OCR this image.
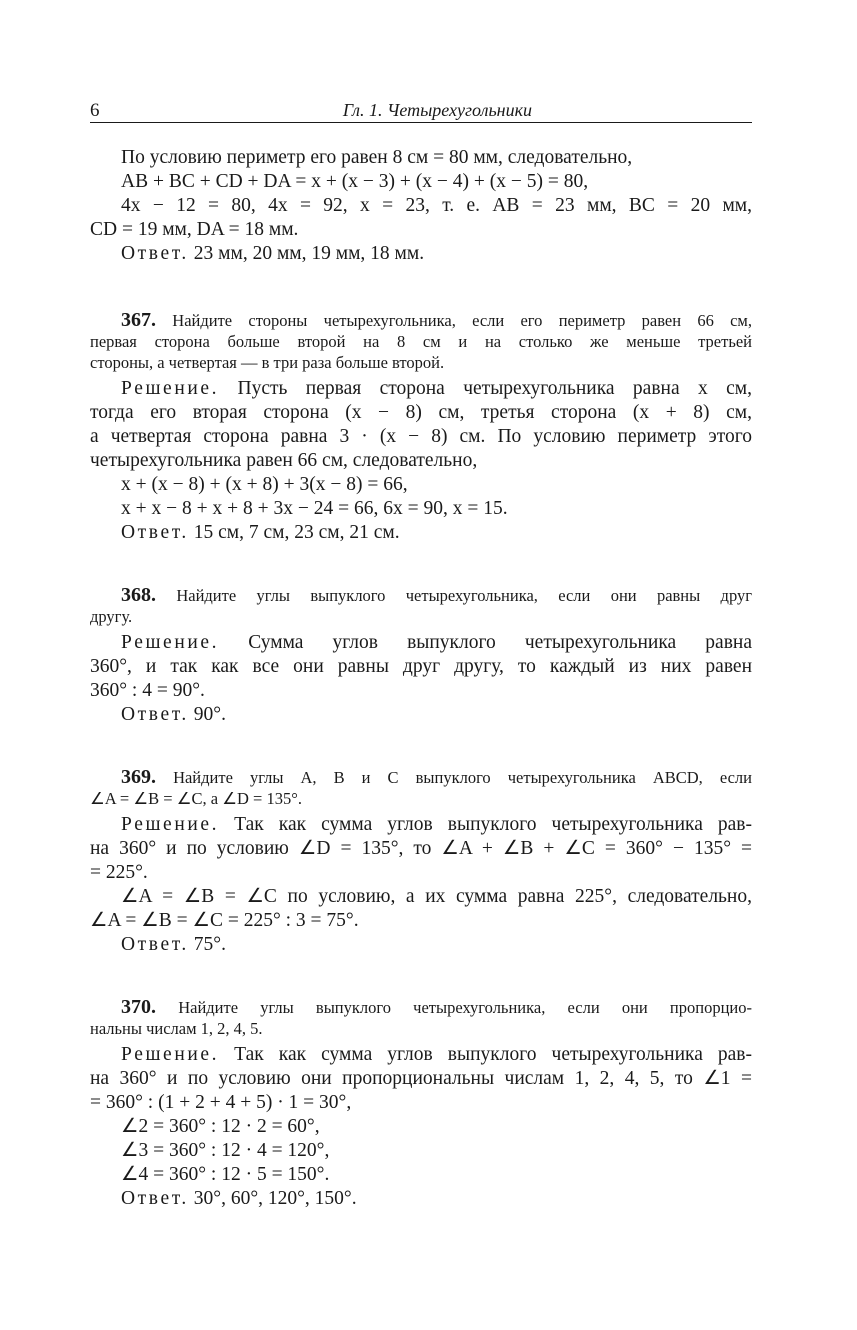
6	Гл. 1. Четырехугольники
По условию периметр его равен 8 см = 80 мм, следовательно,
AB + BC + CD + DA = x + (x − 3) + (x − 4) + (x − 5) = 80,
4x − 12 = 80, 4x = 92, x = 23, т. е. AB = 23 мм, BC = 20 мм,
CD = 19 мм, DA = 18 мм.
Ответ. 23 мм, 20 мм, 19 мм, 18 мм.
367. Найдите стороны четырехугольника, если его периметр равен 66 см,
первая сторона больше второй на 8 см и на столько же меньше третьей
стороны, а четвертая — в три раза больше второй.
Решение. Пусть первая сторона четырехугольника равна x см,
тогда его вторая сторона (x − 8) см, третья сторона (x + 8) см,
а четвертая сторона равна 3 · (x − 8) см. По условию периметр этого
четырехугольника равен 66 см, следовательно,
x + (x − 8) + (x + 8) + 3(x − 8) = 66,
x + x − 8 + x + 8 + 3x − 24 = 66, 6x = 90, x = 15.
Ответ. 15 см, 7 см, 23 см, 21 см.
368. Найдите углы выпуклого четырехугольника, если они равны друг
другу.
Решение. Сумма углов выпуклого четырехугольника равна
360°, и так как все они равны друг другу, то каждый из них равен
360° : 4 = 90°.
Ответ. 90°.
369. Найдите углы A, B и C выпуклого четырехугольника ABCD, если
∠A = ∠B = ∠C, а ∠D = 135°.
Решение. Так как сумма углов выпуклого четырехугольника рав-
на 360° и по условию ∠D = 135°, то ∠A + ∠B + ∠C = 360° − 135° =
= 225°.
∠A = ∠B = ∠C по условию, а их сумма равна 225°, следовательно,
∠A = ∠B = ∠C = 225° : 3 = 75°.
Ответ. 75°.
370. Найдите углы выпуклого четырехугольника, если они пропорцио-
нальны числам 1, 2, 4, 5.
Решение. Так как сумма углов выпуклого четырехугольника рав-
на 360° и по условию они пропорциональны числам 1, 2, 4, 5, то ∠1 =
= 360° : (1 + 2 + 4 + 5) · 1 = 30°,
∠2 = 360° : 12 · 2 = 60°,
∠3 = 360° : 12 · 4 = 120°,
∠4 = 360° : 12 · 5 = 150°.
Ответ. 30°, 60°, 120°, 150°.
